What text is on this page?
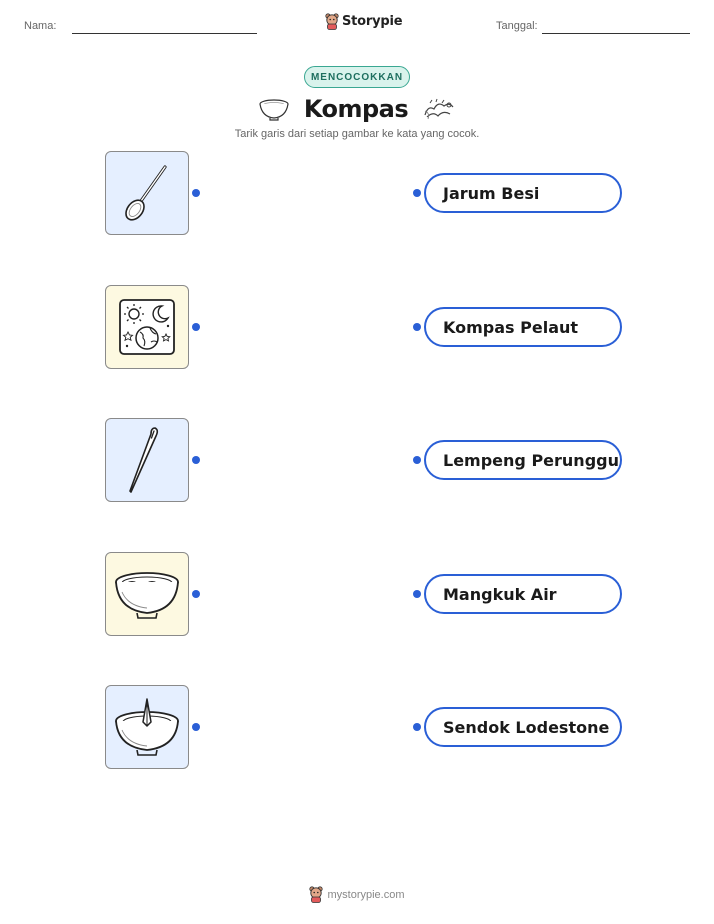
Nama:	Storypie	Tanggal:
MENCOCOKKAN
Kompas
Tarik garis dari setiap gambar ke kata yang cocok.
Jarum Besi
Kompas Pelaut
Lempeng Perunggu
Mangkuk Air
Sendok Lodestone
mystorypie.com
